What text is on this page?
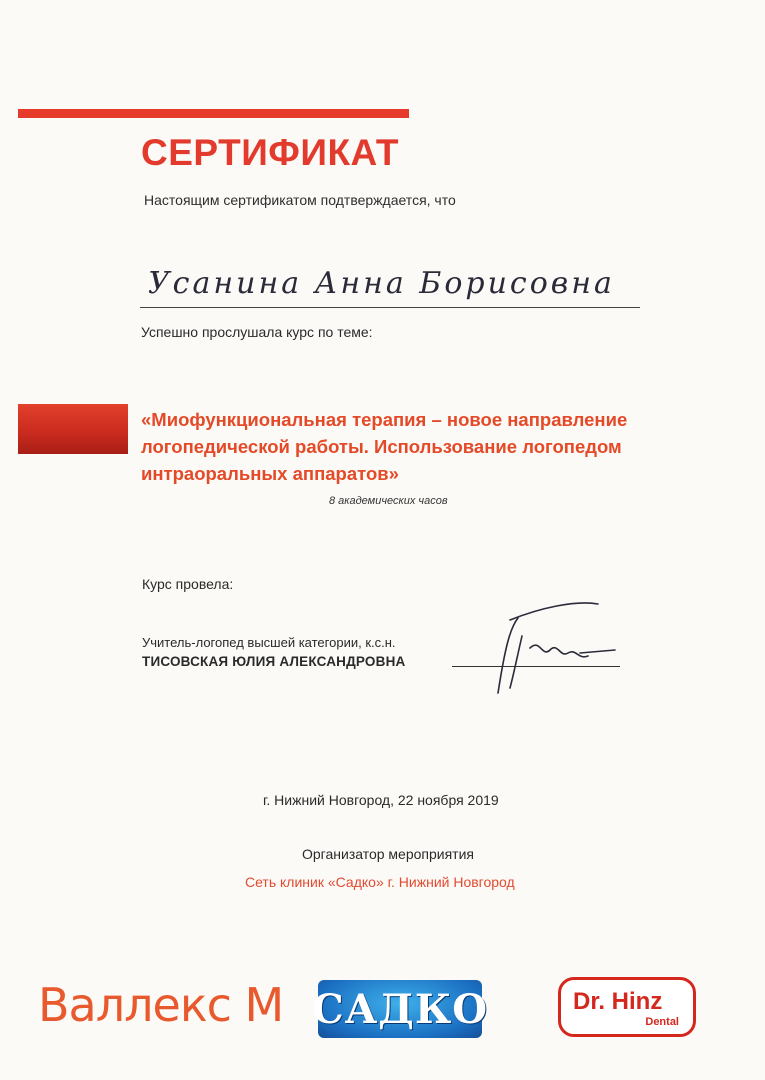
СЕРТИФИКАТ
Настоящим сертификатом подтверждается, что
Усанина Анна Борисовна
Успешно прослушала курс по теме:
«Миофункциональная терапия – новое направление
логопедической работы. Использование логопедом
интраоральных аппаратов»
8 академических часов
Курс провела:
Учитель-логопед высшей категории, к.с.н.
ТИСОВСКАЯ ЮЛИЯ АЛЕКСАНДРОВНА
г. Нижний Новгород, 22 ноября 2019
Организатор мероприятия
Сеть клиник «Садко» г. Нижний Новгород
Валлекс М САДКО	Dr. Hinz
Dental
